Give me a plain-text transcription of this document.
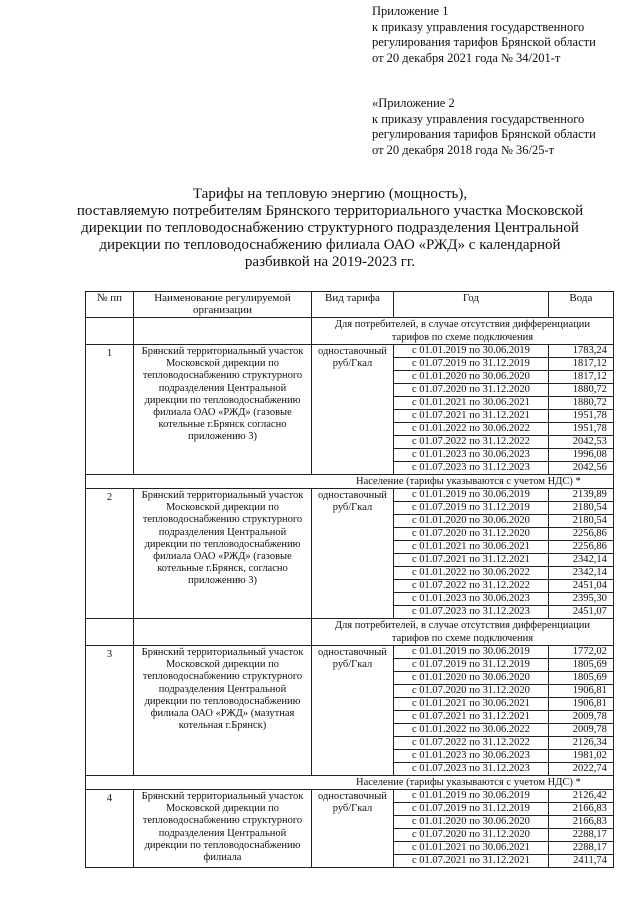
Приложение 1
к приказу управления государственного
регулирования тарифов Брянской области
от 20 декабря 2021 года № 34/201-т
«Приложение 2
к приказу управления государственного
регулирования тарифов Брянской области
от 20 декабря 2018 года № 36/25-т
Тарифы на тепловую энергию (мощность),
поставляемую потребителям Брянского территориального участка Московской
дирекции по тепловодоснабжению структурного подразделения Центральной
дирекции по тепловодоснабжению филиала ОАО «РЖД» с календарной
разбивкой на 2019-2023 гг.
№ пп	Наименование регулируемой организации	Вид тарифа	Год	Вода
		Для потребителей, в случае отсутствия дифференциации тарифов по схеме подключения		
1	Брянский территориальный участок Московской дирекции по тепловодоснабжению структурного подразделения Центральной дирекции по тепловодоснабжению филиала ОАО «РЖД» (газовые котельные г.Брянск согласно приложению 3)	одноставочный руб/Гкал	с 01.01.2019 по 30.06.2019	1783,24
			с 01.07.2019 по 31.12.2019	1817,12
			с 01.01.2020 по 30.06.2020	1817,12
			с 01.07.2020 по 31.12.2020	1880,72
			с 01.01.2021 по 30.06.2021	1880,72
			с 01.07.2021 по 31.12.2021	1951,78
			с 01.01.2022 по 30.06.2022	1951,78
			с 01.07.2022 по 31.12.2022	2042,53
			с 01.01.2023 по 30.06.2023	1996,08
			с 01.07.2023 по 31.12.2023	2042,56
Население (тарифы указываются с учетом НДС) *				
2	Брянский территориальный участок Московской дирекции по тепловодоснабжению структурного подразделения Центральной дирекции по тепловодоснабжению филиала ОАО «РЖД» (газовые котельные г.Брянск, согласно приложению 3)	одноставочный руб/Гкал	с 01.01.2019 по 30.06.2019	2139,89
			с 01.07.2019 по 31.12.2019	2180,54
			с 01.01.2020 по 30.06.2020	2180,54
			с 01.07.2020 по 31.12.2020	2256,86
			с 01.01.2021 по 30.06.2021	2256,86
			с 01.07.2021 по 31.12.2021	2342,14
			с 01.01.2022 по 30.06.2022	2342,14
			с 01.07.2022 по 31.12.2022	2451,04
			с 01.01.2023 по 30.06.2023	2395,30
			с 01.07.2023 по 31.12.2023	2451,07
		Для потребителей, в случае отсутствия дифференциации тарифов по схеме подключения		
3	Брянский территориальный участок Московской дирекции по тепловодоснабжению структурного подразделения Центральной дирекции по тепловодоснабжению филиала ОАО «РЖД» (мазутная котельная г.Брянск)	одноставочный руб/Гкал	с 01.01.2019 по 30.06.2019	1772,02
			с 01.07.2019 по 31.12.2019	1805,69
			с 01.01.2020 по 30.06.2020	1805,69
			с 01.07.2020 по 31.12.2020	1906,81
			с 01.01.2021 по 30.06.2021	1906,81
			с 01.07.2021 по 31.12.2021	2009,78
			с 01.01.2022 по 30.06.2022	2009,78
			с 01.07.2022 по 31.12.2022	2126,34
			с 01.01.2023 по 30.06.2023	1981,02
			с 01.07.2023 по 31.12.2023	2022,74
Население (тарифы указываются с учетом НДС) *				
4	Брянский территориальный участок Московской дирекции по тепловодоснабжению структурного подразделения Центральной дирекции по тепловодоснабжению филиала	одноставочный руб/Гкал	с 01.01.2019 по 30.06.2019	2126,42
			с 01.07.2019 по 31.12.2019	2166,83
			с 01.01.2020 по 30.06.2020	2166,83
			с 01.07.2020 по 31.12.2020	2288,17
			с 01.01.2021 по 30.06.2021	2288,17
			с 01.07.2021 по 31.12.2021	2411,74
